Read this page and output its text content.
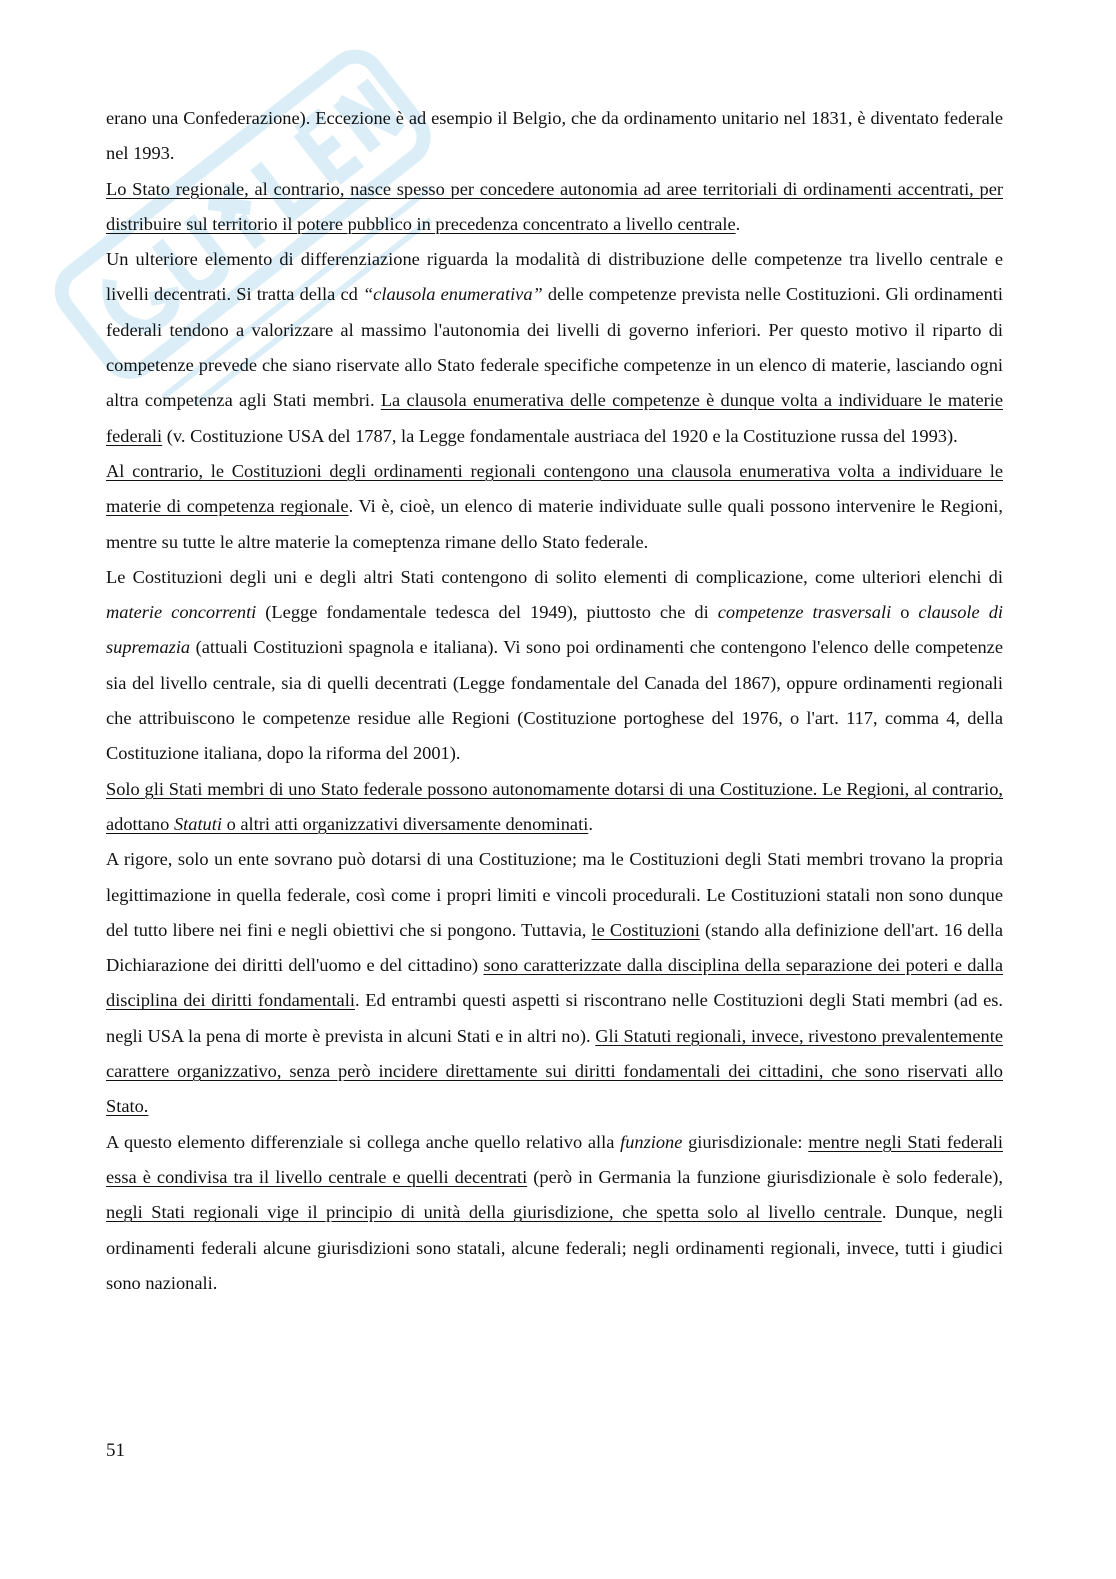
erano una Confederazione). Eccezione è ad esempio il Belgio, che da ordinamento unitario nel 1831, è diventato federale nel 1993.

Lo Stato regionale, al contrario, nasce spesso per concedere autonomia ad aree territoriali di ordinamenti accentrati, per distribuire sul territorio il potere pubblico in precedenza concentrato a livello centrale.

Un ulteriore elemento di differenziazione riguarda la modalità di distribuzione delle competenze tra livello centrale e livelli decentrati. Si tratta della cd “clausola enumerativa” delle competenze prevista nelle Costituzioni. Gli ordinamenti federali tendono a valorizzare al massimo l'autonomia dei livelli di governo inferiori. Per questo motivo il riparto di competenze prevede che siano riservate allo Stato federale specifiche competenze in un elenco di materie, lasciando ogni altra competenza agli Stati membri. La clausola enumerativa delle competenze è dunque volta a individuare le materie federali (v. Costituzione USA del 1787, la Legge fondamentale austriaca del 1920 e la Costituzione russa del 1993).

Al contrario, le Costituzioni degli ordinamenti regionali contengono una clausola enumerativa volta a individuare le materie di competenza regionale. Vi è, cioè, un elenco di materie individuate sulle quali possono intervenire le Regioni, mentre su tutte le altre materie la comeptenza rimane dello Stato federale.

Le Costituzioni degli uni e degli altri Stati contengono di solito elementi di complicazione, come ulteriori elenchi di materie concorrenti (Legge fondamentale tedesca del 1949), piuttosto che di competenze trasversali o clausole di supremazia (attuali Costituzioni spagnola e italiana). Vi sono poi ordinamenti che contengono l'elenco delle competenze sia del livello centrale, sia di quelli decentrati (Legge fondamentale del Canada del 1867), oppure ordinamenti regionali che attribuiscono le competenze residue alle Regioni (Costituzione portoghese del 1976, o l'art. 117, comma 4, della Costituzione italiana, dopo la riforma del 2001).

Solo gli Stati membri di uno Stato federale possono autonomamente dotarsi di una Costituzione. Le Regioni, al contrario, adottano Statuti o altri atti organizzativi diversamente denominati.

A rigore, solo un ente sovrano può dotarsi di una Costituzione; ma le Costituzioni degli Stati membri trovano la propria legittimazione in quella federale, così come i propri limiti e vincoli procedurali. Le Costituzioni statali non sono dunque del tutto libere nei fini e negli obiettivi che si pongono. Tuttavia, le Costituzioni (stando alla definizione dell'art. 16 della Dichiarazione dei diritti dell'uomo e del cittadino) sono caratterizzate dalla disciplina della separazione dei poteri e dalla disciplina dei diritti fondamentali. Ed entrambi questi aspetti si riscontrano nelle Costituzioni degli Stati membri (ad es. negli USA la pena di morte è prevista in alcuni Stati e in altri no). Gli Statuti regionali, invece, rivestono prevalentemente carattere organizzativo, senza però incidere direttamente sui diritti fondamentali dei cittadini, che sono riservati allo Stato.

A questo elemento differenziale si collega anche quello relativo alla funzione giurisdizionale: mentre negli Stati federali essa è condivisa tra il livello centrale e quelli decentrati (però in Germania la funzione giurisdizionale è solo federale), negli Stati regionali vige il principio di unità della giurisdizione, che spetta solo al livello centrale. Dunque, negli ordinamenti federali alcune giurisdizioni sono statali, alcune federali; negli ordinamenti regionali, invece, tutti i giudici sono nazionali.

51
